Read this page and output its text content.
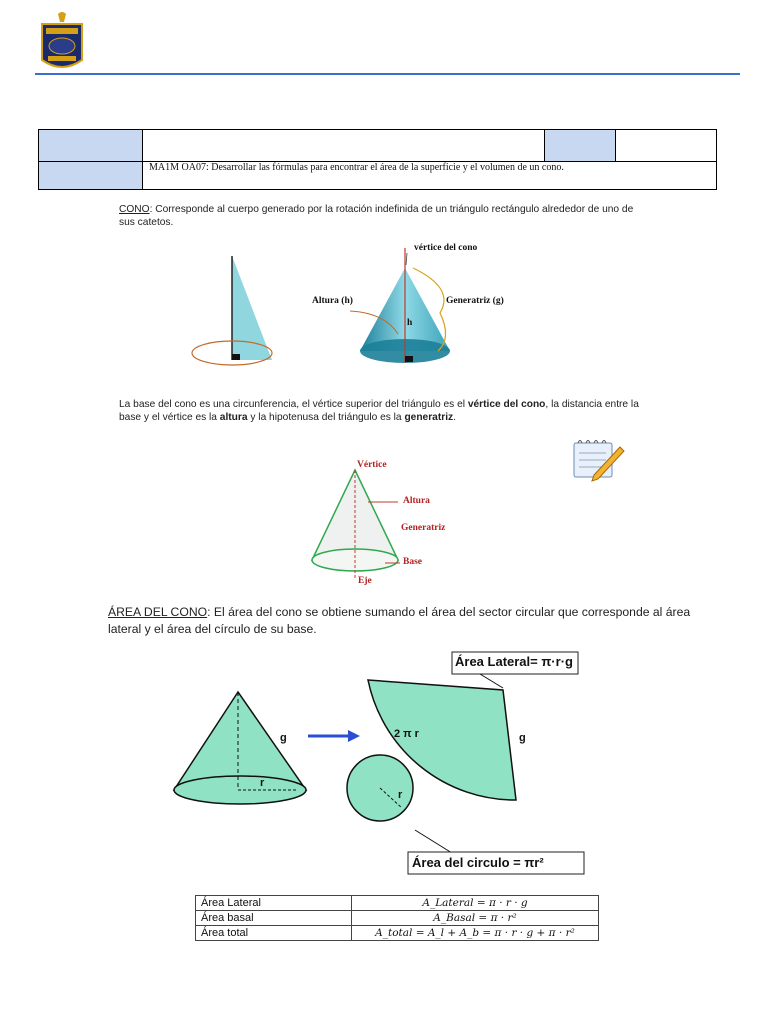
	MA1M OA07: Desarrollar las fórmulas para encontrar el área de la superficie y el volumen de un cono.		
CONO: Corresponde al cuerpo generado por la rotación indefinida de un triángulo rectángulo alrededor de uno de sus catetos.
vértice del cono
Altura (h)	Generatriz (g)
h
La base del cono es una circunferencia, el vértice superior del triángulo es el vértice del cono, la distancia entre la base y el vértice es la altura y la hipotenusa del triángulo es la generatriz.
Vértice
Altura
Generatriz
Base
Eje
ÁREA DEL CONO: El área del cono se obtiene sumando el área del sector circular que corresponde al área lateral y el área del círculo de su base.
Área Lateral= π·r·g
Área del circulo = πr²
g	g
r
r
2 π r
Área Lateral	A_Lateral = π · r · g
Área basal	A_Basal = π · r²
Área total	A_total = A_l + A_b = π · r · g + π · r²
